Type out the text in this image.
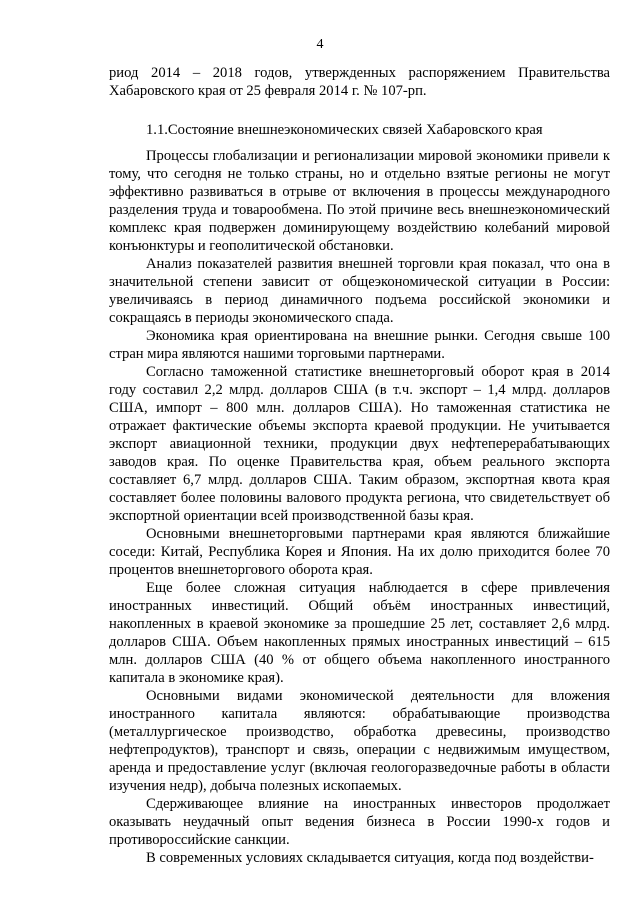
4

риод 2014 – 2018 годов, утвержденных распоряжением Правительства Хабаровского края от 25 февраля 2014 г. № 107-рп.

1.1.Состояние внешнеэкономических связей Хабаровского края

Процессы глобализации и регионализации мировой экономики привели к тому, что сегодня не только страны, но и отдельно взятые регионы не могут эффективно развиваться в отрыве от включения в процессы международного разделения труда и товарообмена. По этой причине весь внешнеэкономический комплекс края подвержен доминирующему воздействию колебаний мировой конъюнктуры и геополитической обстановки.

Анализ показателей развития внешней торговли края показал, что она в значительной степени зависит от общеэкономической ситуации в России: увеличиваясь в период динамичного подъема российской экономики и сокращаясь в периоды экономического спада.

Экономика края ориентирована на внешние рынки. Сегодня свыше 100 стран мира являются нашими торговыми партнерами.

Согласно таможенной статистике внешнеторговый оборот края в 2014 году составил 2,2 млрд. долларов США (в т.ч. экспорт – 1,4 млрд. долларов США, импорт – 800 млн. долларов США). Но таможенная статистика не отражает фактические объемы экспорта краевой продукции. Не учитывается экспорт авиационной техники, продукции двух нефтеперерабатывающих заводов края. По оценке Правительства края, объем реального экспорта составляет 6,7 млрд. долларов США. Таким образом, экспортная квота края составляет более половины валового продукта региона, что свидетельствует об экспортной ориентации всей производственной базы края.

Основными внешнеторговыми партнерами края являются ближайшие соседи: Китай, Республика Корея и Япония. На их долю приходится более 70 процентов внешнеторгового оборота края.

Еще более сложная ситуация наблюдается в сфере привлечения иностранных инвестиций. Общий объём иностранных инвестиций, накопленных в краевой экономике за прошедшие 25 лет, составляет 2,6 млрд. долларов США. Объем накопленных прямых иностранных инвестиций – 615 млн. долларов США (40 % от общего объема накопленного иностранного капитала в экономике края).

Основными видами экономической деятельности для вложения иностранного капитала являются: обрабатывающие производства (металлургическое производство, обработка древесины, производство нефтепродуктов), транспорт и связь, операции с недвижимым имуществом, аренда и предоставление услуг (включая геологоразведочные работы в области изучения недр), добыча полезных ископаемых.

Сдерживающее влияние на иностранных инвесторов продолжает оказывать неудачный опыт ведения бизнеса в России 1990-х годов и противороссийские санкции.

В современных условиях складывается ситуация, когда под воздействи-
